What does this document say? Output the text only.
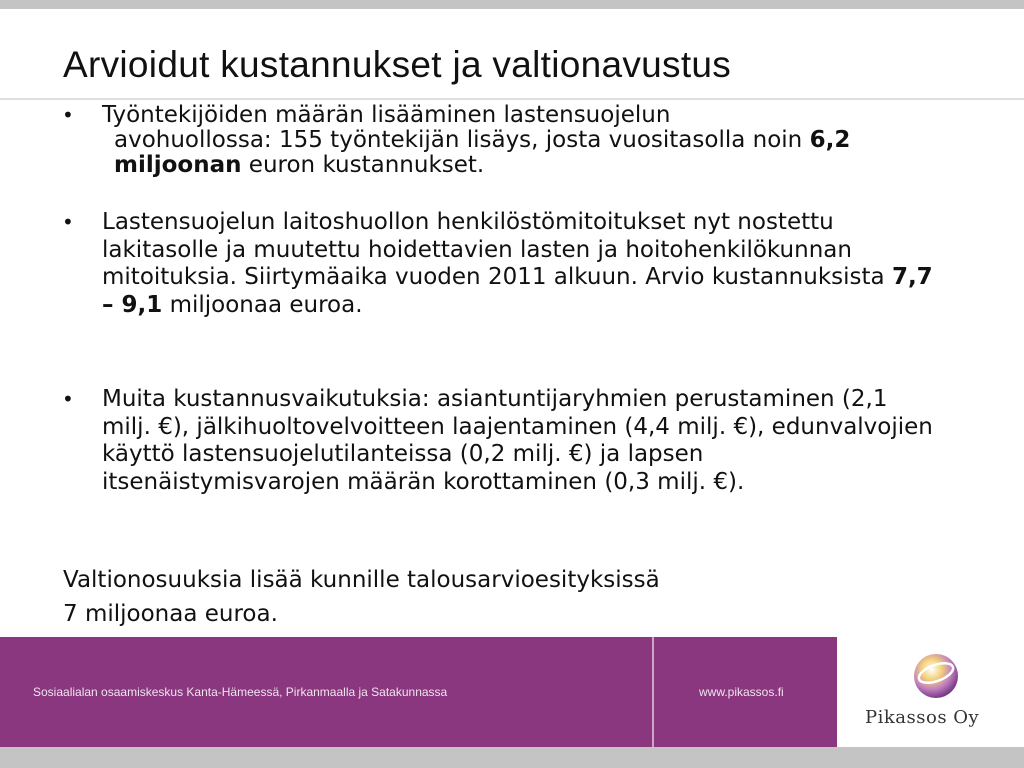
Arvioidut kustannukset ja valtionavustus
• Työntekijöiden määrän lisääminen lastensuojelun
avohuollossa: 155 työntekijän lisäys, josta vuositasolla noin 6,2 miljoonan euron kustannukset.
• Lastensuojelun laitoshuollon henkilöstömitoitukset nyt nostettu lakitasolle ja muutettu hoidettavien lasten ja hoitohenkilökunnan mitoituksia. Siirtymäaika vuoden 2011 alkuun. Arvio kustannuksista 7,7 – 9,1 miljoonaa euroa.
• Muita kustannusvaikutuksia: asiantuntijaryhmien perustaminen (2,1 milj. €), jälkihuoltovelvoitteen laajentaminen (4,4 milj. €), edunvalvojien käyttö lastensuojelutilanteissa (0,2 milj. €) ja lapsen itsenäistymisvarojen määrän korottaminen (0,3 milj. €).
Valtionosuuksia lisää kunnille talousarvioesityksissä
7 miljoonaa euroa.
Sosiaalialan osaamiskeskus Kanta-Hämeessä, Pirkanmaalla ja Satakunnassa	www.pikassos.fi
Pikassos Oy
